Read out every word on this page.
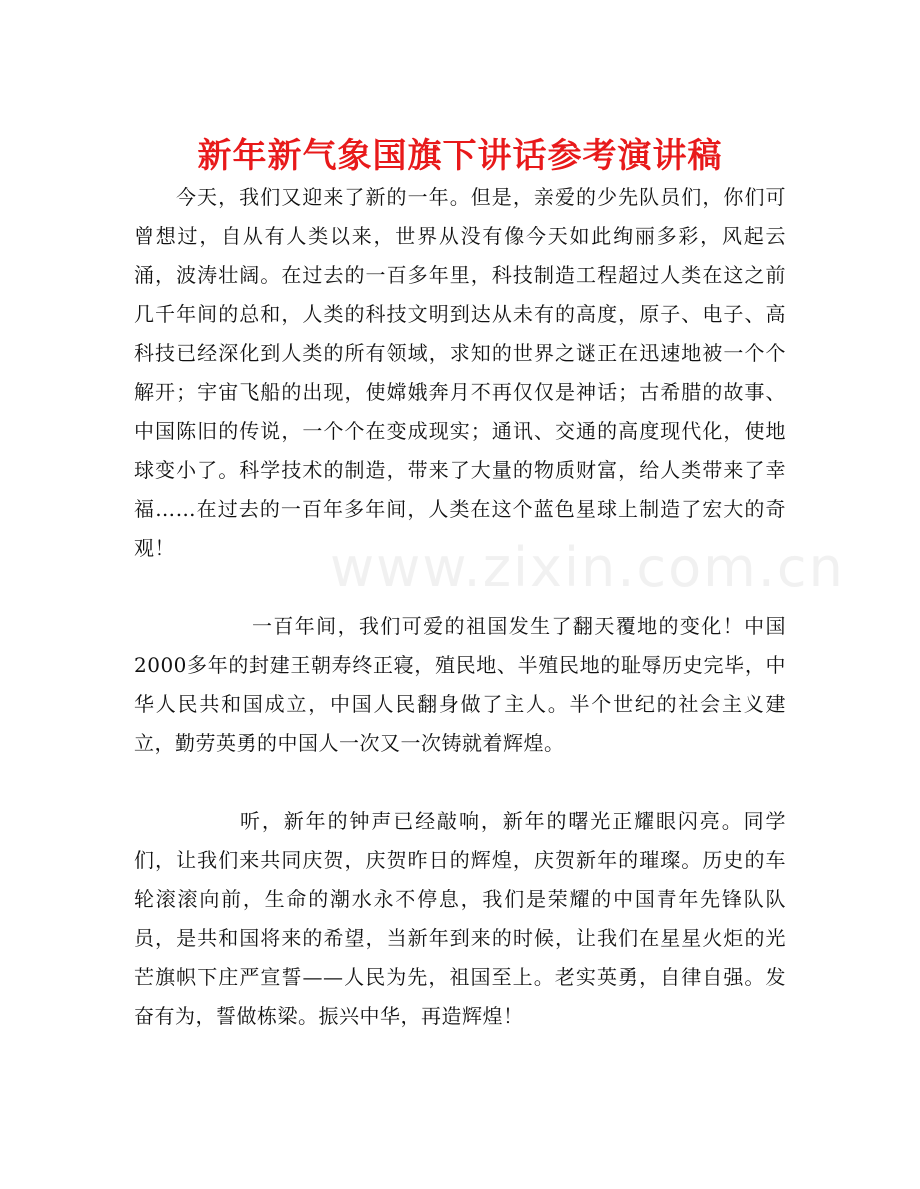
新年新气象国旗下讲话参考演讲稿
www.zixin.com.cn

今天，我们又迎来了新的一年。但是，亲爱的少先队员们，你们可曾想过，自从有人类以来，世界从没有像今天如此绚丽多彩，风起云涌，波涛壮阔。在过去的一百多年里，科技制造工程超过人类在这之前几千年间的总和，人类的科技文明到达从未有的高度，原子、电子、高科技已经深化到人类的所有领域，求知的世界之谜正在迅速地被一个个解开；宇宙飞船的出现，使嫦娥奔月不再仅仅是神话；古希腊的故事、中国陈旧的传说，一个个在变成现实；通讯、交通的高度现代化，使地球变小了。科学技术的制造，带来了大量的物质财富，给人类带来了幸福……在过去的一百年多年间，人类在这个蓝色星球上制造了宏大的奇观！

一百年间，我们可爱的祖国发生了翻天覆地的变化！中国2000多年的封建王朝寿终正寝，殖民地、半殖民地的耻辱历史完毕，中华人民共和国成立，中国人民翻身做了主人。半个世纪的社会主义建立，勤劳英勇的中国人一次又一次铸就着辉煌。

听，新年的钟声已经敲响，新年的曙光正耀眼闪亮。同学们，让我们来共同庆贺，庆贺昨日的辉煌，庆贺新年的璀璨。历史的车轮滚滚向前，生命的潮水永不停息，我们是荣耀的中国青年先锋队队员，是共和国将来的希望，当新年到来的时候，让我们在星星火炬的光芒旗帜下庄严宣誓——人民为先，祖国至上。老实英勇，自律自强。发奋有为，誓做栋梁。振兴中华，再造辉煌！
